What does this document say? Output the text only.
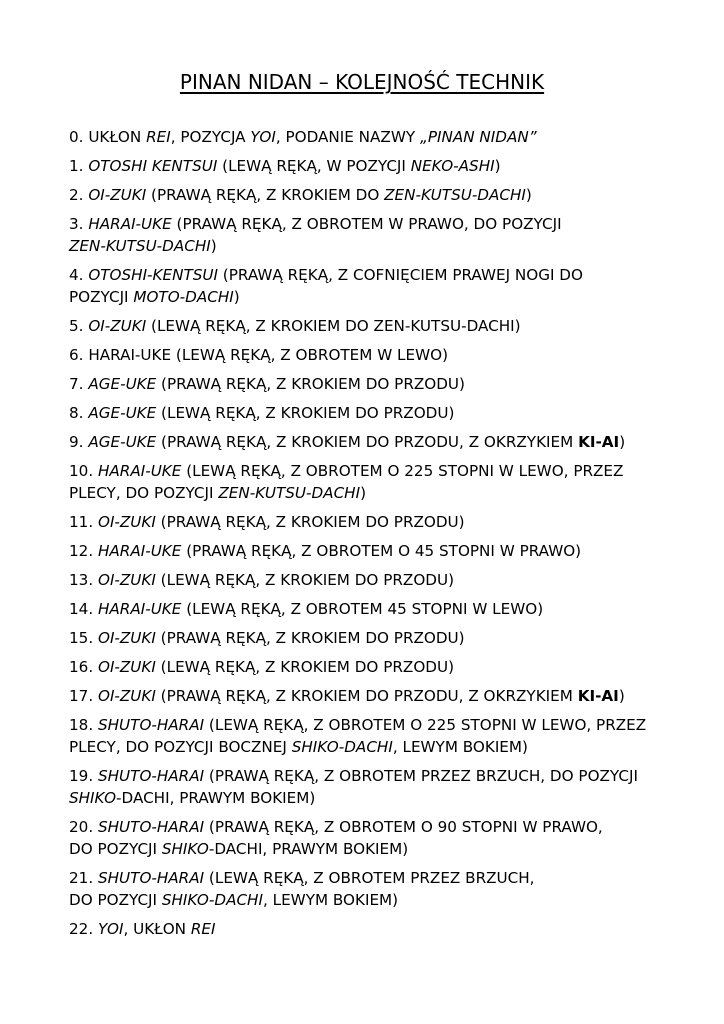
PINAN NIDAN – KOLEJNOŚĆ TECHNIK
0. UKŁON REI, POZYCJA YOI, PODANIE NAZWY „PINAN NIDAN”
1. OTOSHI KENTSUI (LEWĄ RĘKĄ, W POZYCJI NEKO-ASHI)
2. OI-ZUKI (PRAWĄ RĘKĄ, Z KROKIEM DO ZEN-KUTSU-DACHI)
3. HARAI-UKE (PRAWĄ RĘKĄ, Z OBROTEM W PRAWO, DO POZYCJI
ZEN-KUTSU-DACHI)
4. OTOSHI-KENTSUI (PRAWĄ RĘKĄ, Z COFNIĘCIEM PRAWEJ NOGI DO
POZYCJI MOTO-DACHI)
5. OI-ZUKI (LEWĄ RĘKĄ, Z KROKIEM DO ZEN-KUTSU-DACHI)
6. HARAI-UKE (LEWĄ RĘKĄ, Z OBROTEM W LEWO)
7. AGE-UKE (PRAWĄ RĘKĄ, Z KROKIEM DO PRZODU)
8. AGE-UKE (LEWĄ RĘKĄ, Z KROKIEM DO PRZODU)
9. AGE-UKE (PRAWĄ RĘKĄ, Z KROKIEM DO PRZODU, Z OKRZYKIEM KI-AI)
10. HARAI-UKE (LEWĄ RĘKĄ, Z OBROTEM O 225 STOPNI W LEWO, PRZEZ
PLECY, DO POZYCJI ZEN-KUTSU-DACHI)
11. OI-ZUKI (PRAWĄ RĘKĄ, Z KROKIEM DO PRZODU)
12. HARAI-UKE (PRAWĄ RĘKĄ, Z OBROTEM O 45 STOPNI W PRAWO)
13. OI-ZUKI (LEWĄ RĘKĄ, Z KROKIEM DO PRZODU)
14. HARAI-UKE (LEWĄ RĘKĄ, Z OBROTEM 45 STOPNI W LEWO)
15. OI-ZUKI (PRAWĄ RĘKĄ, Z KROKIEM DO PRZODU)
16. OI-ZUKI (LEWĄ RĘKĄ, Z KROKIEM DO PRZODU)
17. OI-ZUKI (PRAWĄ RĘKĄ, Z KROKIEM DO PRZODU, Z OKRZYKIEM KI-AI)
18. SHUTO-HARAI (LEWĄ RĘKĄ, Z OBROTEM O 225 STOPNI W LEWO, PRZEZ
PLECY, DO POZYCJI BOCZNEJ SHIKO-DACHI, LEWYM BOKIEM)
19. SHUTO-HARAI (PRAWĄ RĘKĄ, Z OBROTEM PRZEZ BRZUCH, DO POZYCJI
SHIKO-DACHI, PRAWYM BOKIEM)
20. SHUTO-HARAI (PRAWĄ RĘKĄ, Z OBROTEM O 90 STOPNI W PRAWO,
DO POZYCJI SHIKO-DACHI, PRAWYM BOKIEM)
21. SHUTO-HARAI (LEWĄ RĘKĄ, Z OBROTEM PRZEZ BRZUCH,
DO POZYCJI SHIKO-DACHI, LEWYM BOKIEM)
22. YOI, UKŁON REI
